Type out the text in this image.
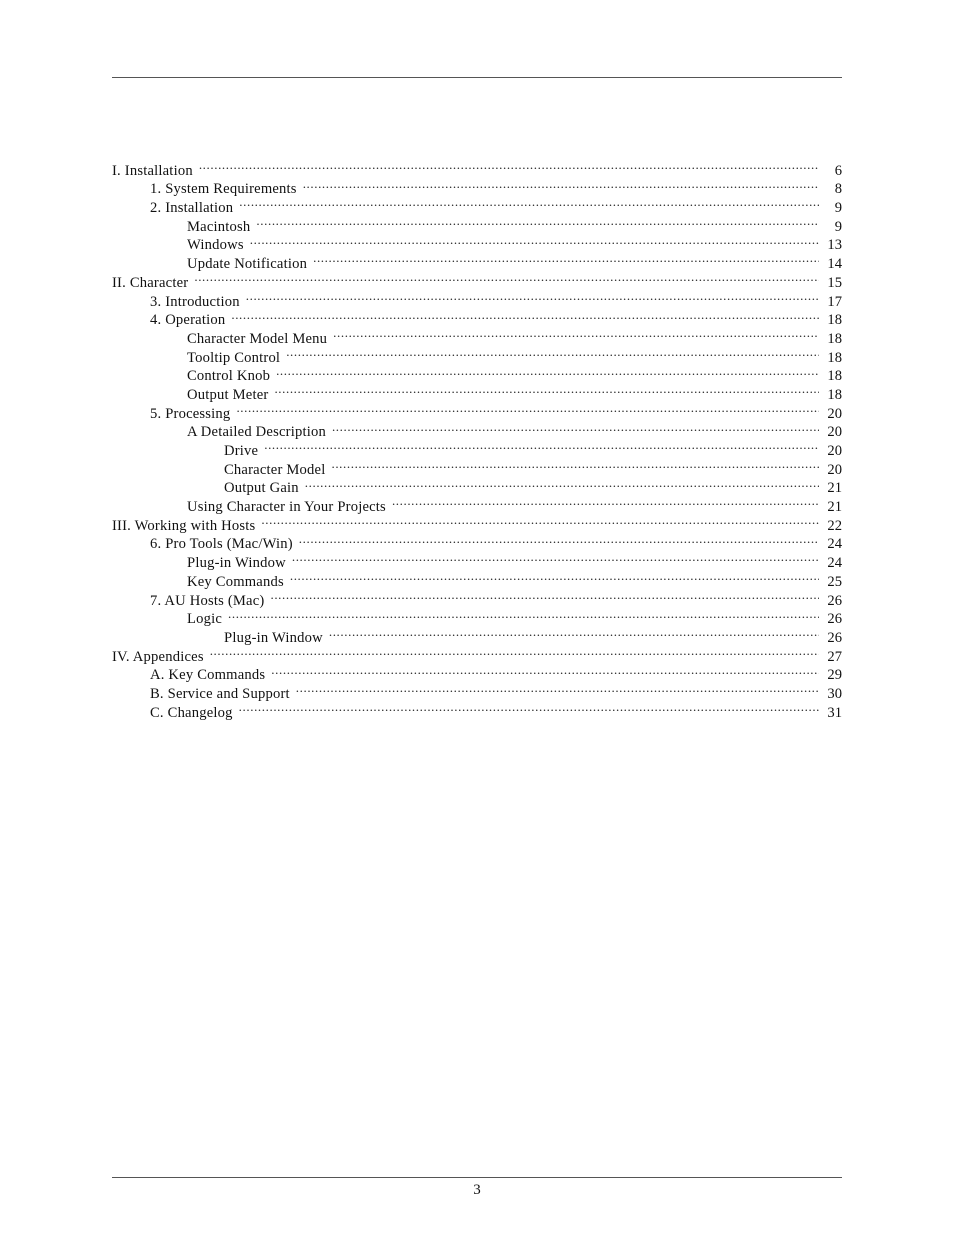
I. Installation .....	6
1. System Requirements .....	8
2. Installation .....	9
Macintosh .....	9
Windows .....	13
Update Notification .....	14
II. Character .....	15
3. Introduction .....	17
4. Operation .....	18
Character Model Menu .....	18
Tooltip Control .....	18
Control Knob .....	18
Output Meter .....	18
5. Processing .....	20
A Detailed Description .....	20
Drive .....	20
Character Model .....	20
Output Gain .....	21
Using Character in Your Projects .....	21
III. Working with Hosts .....	22
6. Pro Tools (Mac/Win) .....	24
Plug-in Window .....	24
Key Commands .....	25
7. AU Hosts (Mac) .....	26
Logic .....	26
Plug-in Window .....	26
IV. Appendices .....	27
A. Key Commands .....	29
B. Service and Support .....	30
C. Changelog .....	31
3
